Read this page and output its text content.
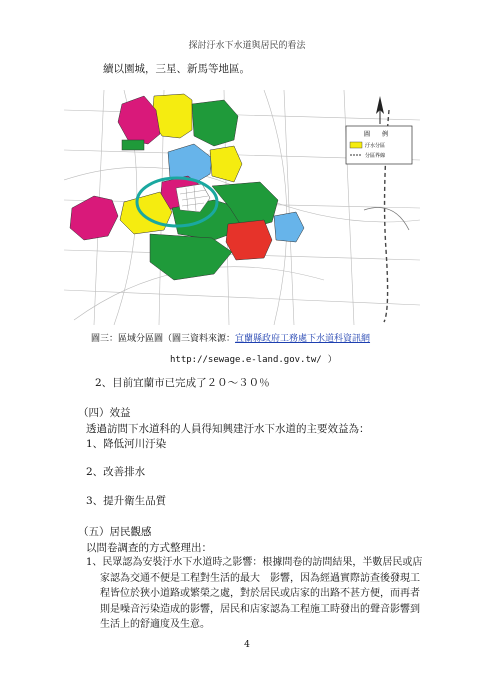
探討汙水下水道與居民的看法
續以園城，三星、新馬等地區。
圖　　例
汙水分區
分區界線
圖三：區域分區圖（圖三資料來源：宜蘭縣政府工務處下水道科資訊網
http://sewage.e-land.gov.tw/ ）
2、目前宜蘭市已完成了２０～３０％
（四）效益
透過訪問下水道科的人員得知興建汙水下水道的主要效益為：
1、降低河川汙染
2、改善排水
3、提升衛生品質
（五）居民觀感
以問卷調查的方式整理出：
1、民眾認為安裝汙水下水道時之影響：根據問卷的訪問結果，半數居民或店
家認為交通不便是工程對生活的最大　影響，因為經過實際訪查後發現工
程皆位於狹小道路或繁榮之處，對於居民或店家的出路不甚方便，而再者
則是噪音污染造成的影響，居民和店家認為工程施工時發出的聲音影響到
生活上的舒適度及生意。
4
